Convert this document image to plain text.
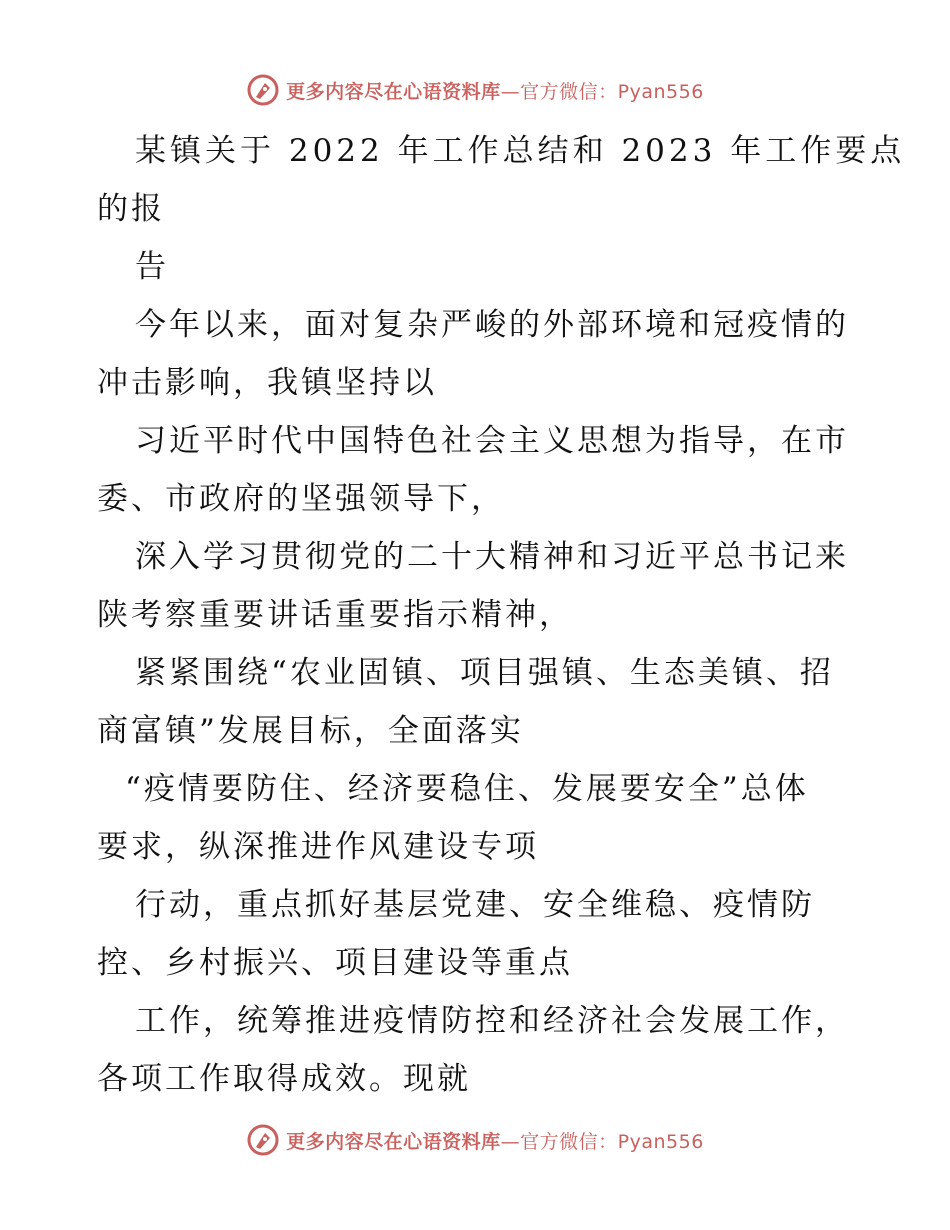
更多内容尽在心语资料库—官方微信：Pyan556
某镇关于 2022 年工作总结和 2023 年工作要点
的报
告
今年以来，面对复杂严峻的外部环境和冠疫情的
冲击影响，我镇坚持以
习近平时代中国特色社会主义思想为指导，在市
委、市政府的坚强领导下，
深入学习贯彻党的二十大精神和习近平总书记来
陕考察重要讲话重要指示精神，
紧紧围绕“农业固镇、项目强镇、生态美镇、招
商富镇”发展目标，全面落实
“疫情要防住、经济要稳住、发展要安全”总体
要求，纵深推进作风建设专项
行动，重点抓好基层党建、安全维稳、疫情防
控、乡村振兴、项目建设等重点
工作，统筹推进疫情防控和经济社会发展工作，
各项工作取得成效。现就
更多内容尽在心语资料库—官方微信：Pyan556
